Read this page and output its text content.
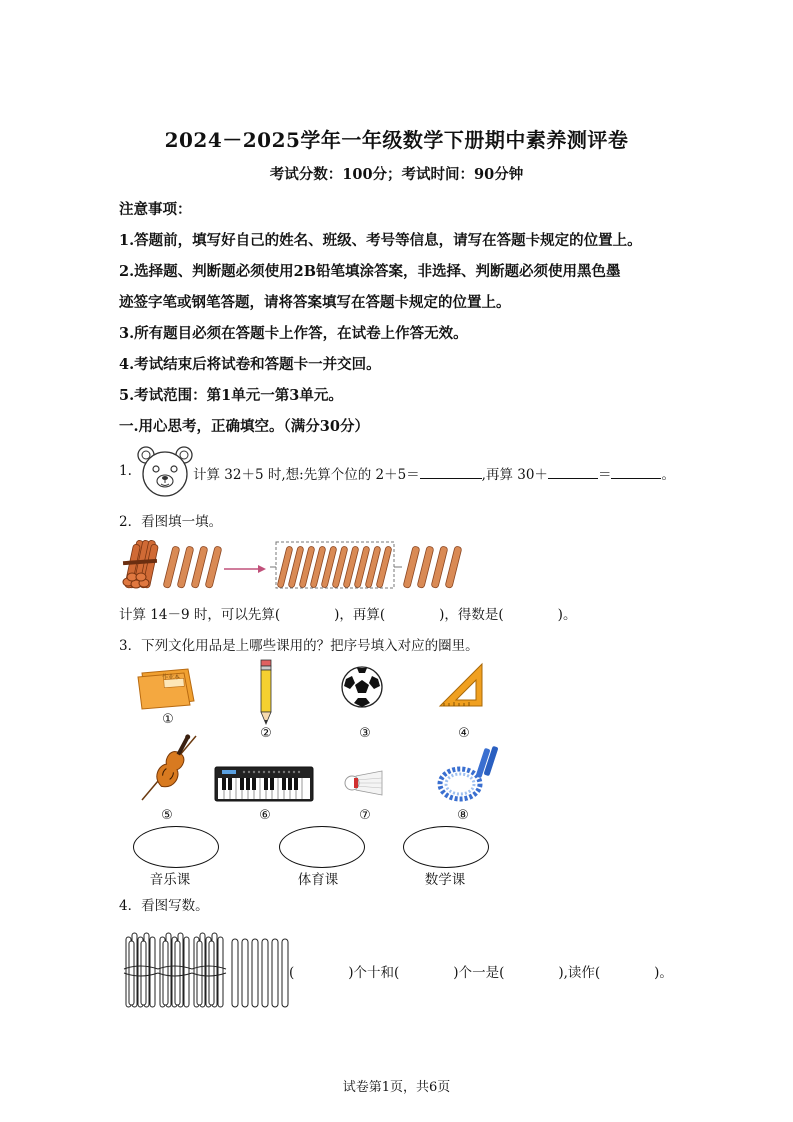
2024－2025学年一年级数学下册期中素养测评卷
考试分数：100分；考试时间：90分钟
注意事项：
1.答题前，填写好自己的姓名、班级、考号等信息，请写在答题卡规定的位置上。
2.选择题、判断题必须使用2B铅笔填涂答案，非选择、判断题必须使用黑色墨
迹签字笔或钢笔答题，请将答案填写在答题卡规定的位置上。
3.所有题目必须在答题卡上作答，在试卷上作答无效。
4.考试结束后将试卷和答题卡一并交回。
5.考试范围：第1单元一第3单元。
一.用心思考，正确填空。（满分30分）
1.	计算 32＋5 时,想:先算个位的 2＋5＝	,再算 30＋	＝	。
2．看图填一填。
计算 14－9 时，可以先算(　　　　)，再算(　　　　)，得数是(　　　　)。
3．下列文化用品是上哪些课用的？把序号填入对应的圈里。
作业本
①
②	③	④
⑤	⑥	⑦	⑧
音乐课	体育课	数学课
4．看图写数。
(　　　　)个十和(　　　　)个一是(　　　　),读作(　　　　)。
试卷第1页，共6页
